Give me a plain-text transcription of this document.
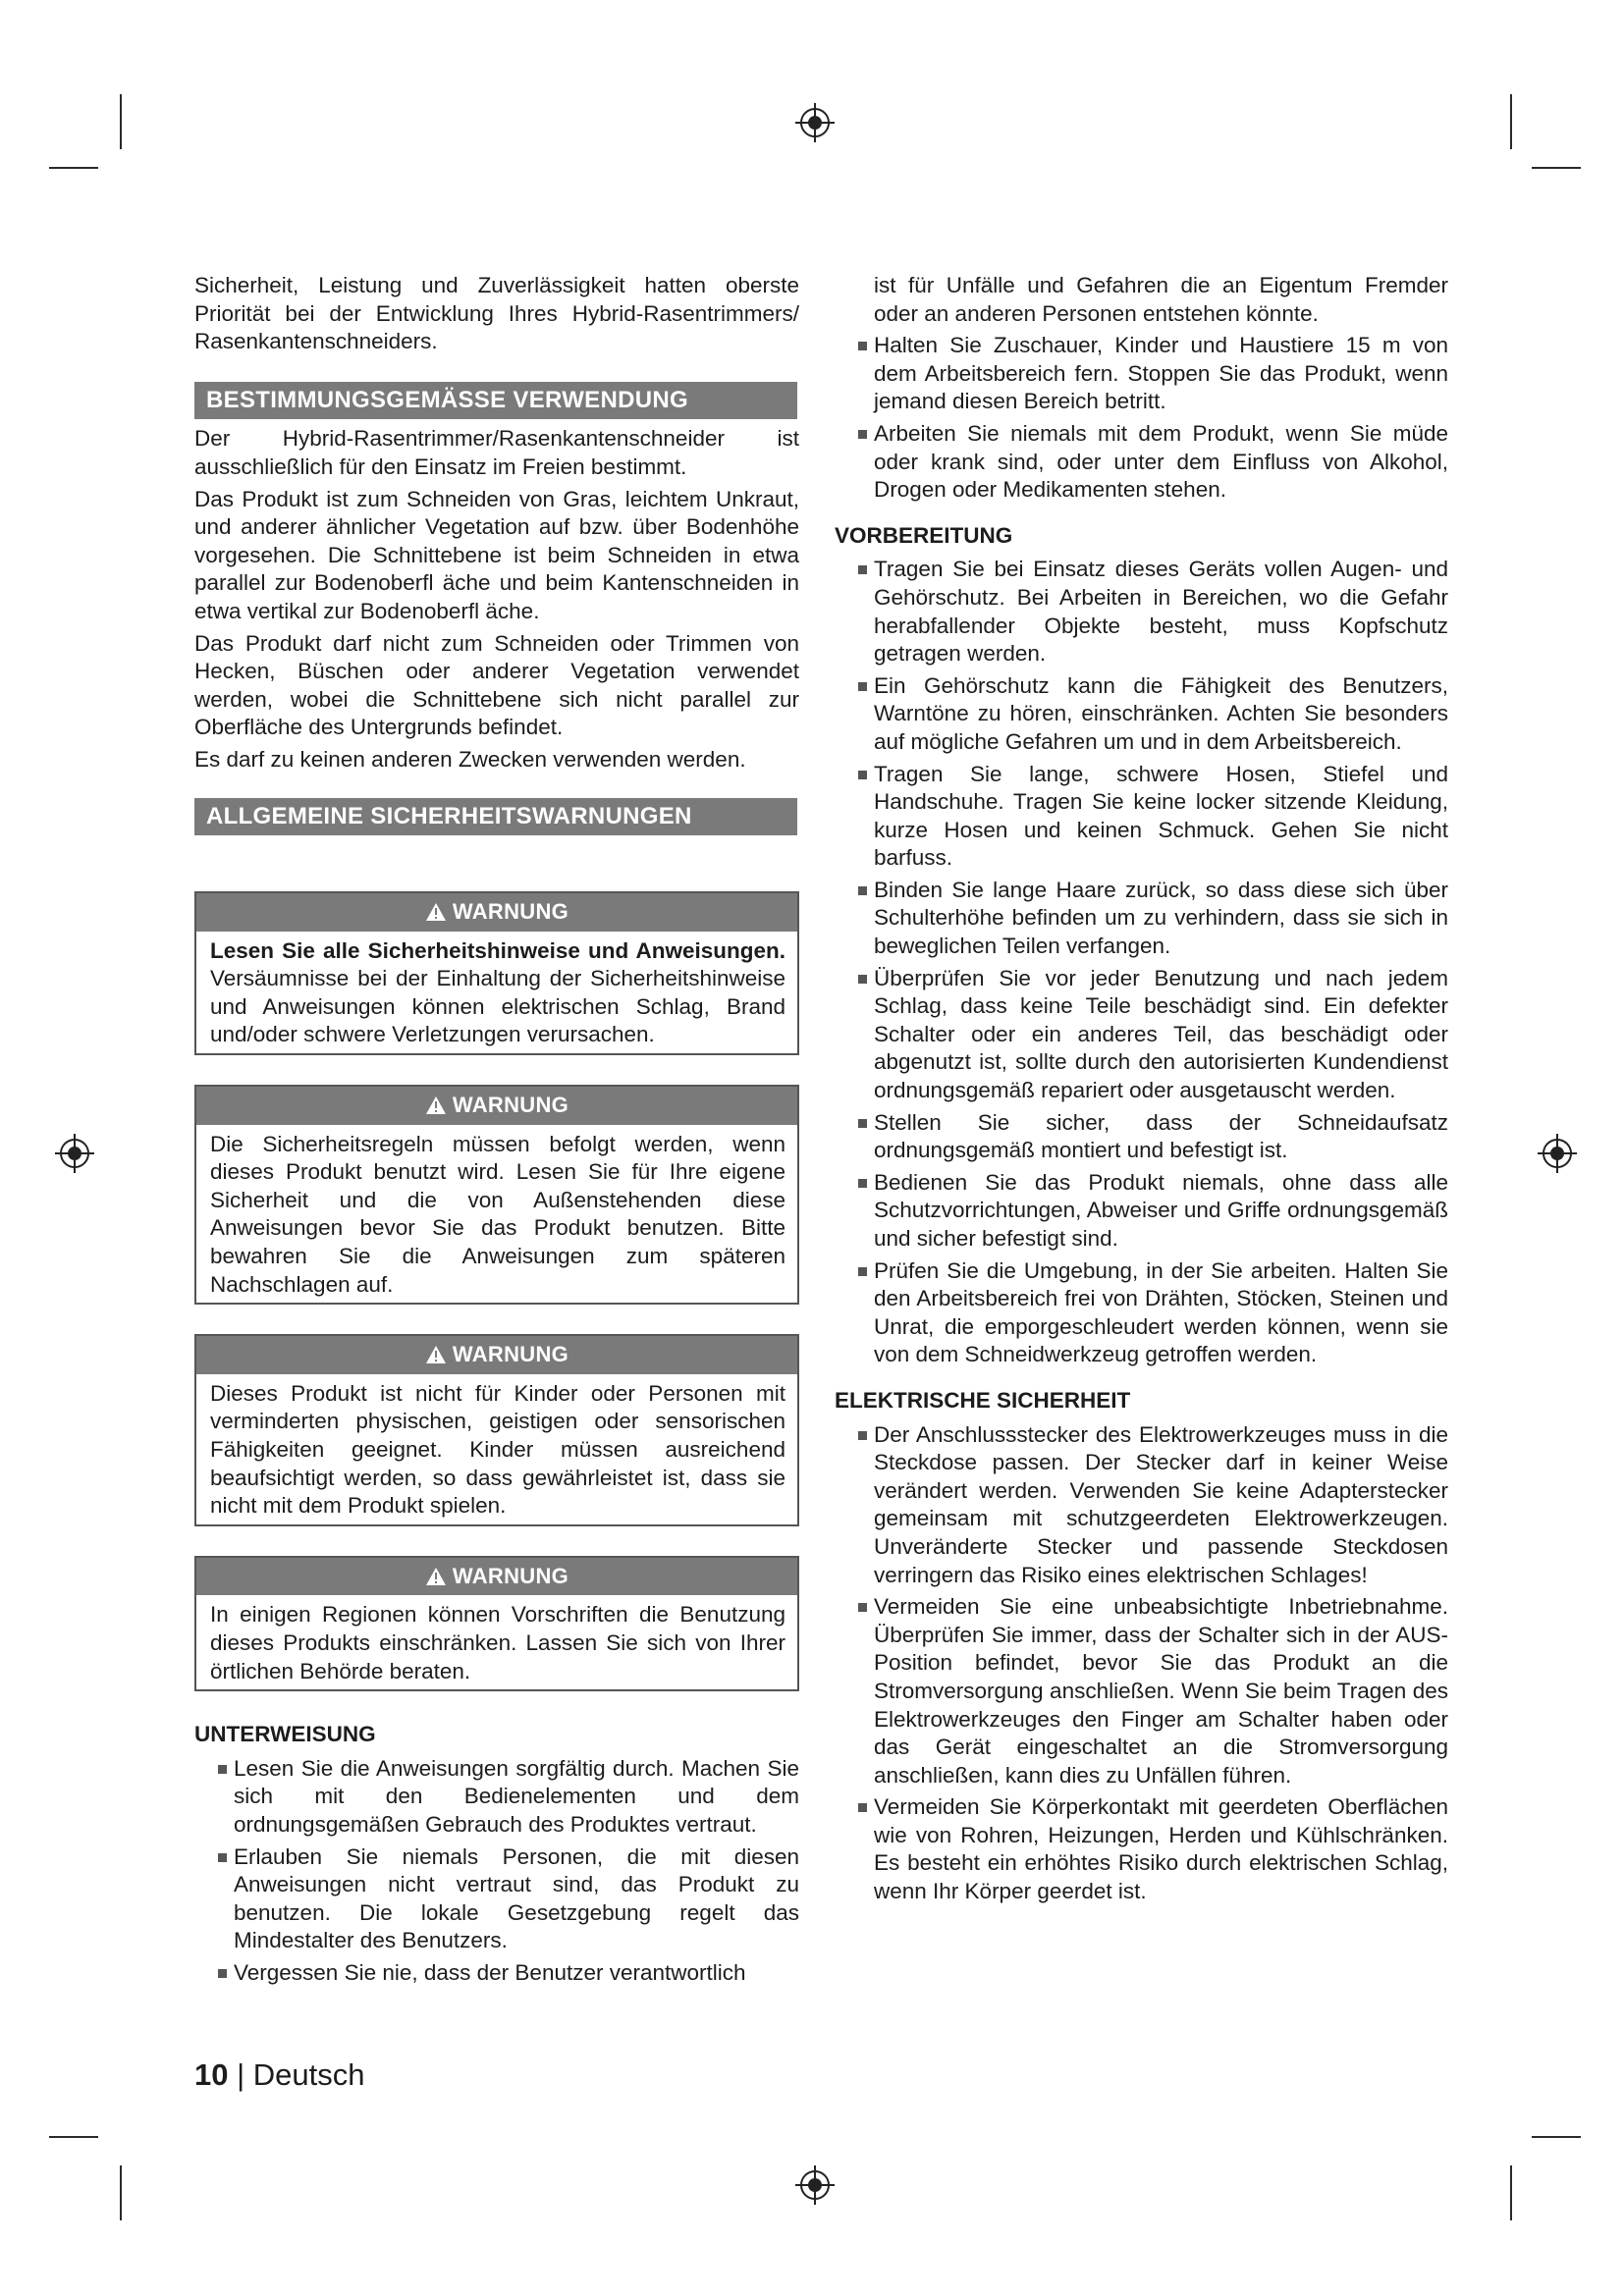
Sicherheit, Leistung und Zuverlässigkeit hatten oberste Priorität bei der Entwicklung Ihres Hybrid-Rasentrimmers/ Rasenkantenschneiders.

BESTIMMUNGSGEMÄSSE VERWENDUNG

Der Hybrid-Rasentrimmer/Rasenkantenschneider ist ausschließlich für den Einsatz im Freien bestimmt.

Das Produkt ist zum Schneiden von Gras, leichtem Unkraut, und anderer ähnlicher Vegetation auf bzw. über Bodenhöhe vorgesehen. Die Schnittebene ist beim Schneiden in etwa parallel zur Bodenoberfl äche und beim Kantenschneiden in etwa vertikal zur Bodenoberfl äche.

Das Produkt darf nicht zum Schneiden oder Trimmen von Hecken, Büschen oder anderer Vegetation verwendet werden, wobei die Schnittebene sich nicht parallel zur Oberfläche des Untergrunds befindet.

Es darf zu keinen anderen Zwecken verwenden werden.

ALLGEMEINE SICHERHEITSWARNUNGEN
WARNUNG
Lesen Sie alle Sicherheitshinweise und Anweisungen. Versäumnisse bei der Einhaltung der Sicherheitshinweise und Anweisungen können elektrischen Schlag, Brand und/oder schwere Verletzungen verursachen.
WARNUNG
Die Sicherheitsregeln müssen befolgt werden, wenn dieses Produkt benutzt wird. Lesen Sie für Ihre eigene Sicherheit und die von Außenstehenden diese Anweisungen bevor Sie das Produkt benutzen. Bitte bewahren Sie die Anweisungen zum späteren Nachschlagen auf.
WARNUNG
Dieses Produkt ist nicht für Kinder oder Personen mit verminderten physischen, geistigen oder sensorischen Fähigkeiten geeignet. Kinder müssen ausreichend beaufsichtigt werden, so dass gewährleistet ist, dass sie nicht mit dem Produkt spielen.
WARNUNG
In einigen Regionen können Vorschriften die Benutzung dieses Produkts einschränken. Lassen Sie sich von Ihrer örtlichen Behörde beraten.
UNTERWEISUNG
Lesen Sie die Anweisungen sorgfältig durch. Machen Sie sich mit den Bedienelementen und dem ordnungsgemäßen Gebrauch des Produktes vertraut.
Erlauben Sie niemals Personen, die mit diesen Anweisungen nicht vertraut sind, das Produkt zu benutzen. Die lokale Gesetzgebung regelt das Mindestalter des Benutzers.
Vergessen Sie nie, dass der Benutzer verantwortlich

ist für Unfälle und Gefahren die an Eigentum Fremder oder an anderen Personen entstehen könnte.

Halten Sie Zuschauer, Kinder und Haustiere 15 m von dem Arbeitsbereich fern. Stoppen Sie das Produkt, wenn jemand diesen Bereich betritt.
Arbeiten Sie niemals mit dem Produkt, wenn Sie müde oder krank sind, oder unter dem Einfluss von Alkohol, Drogen oder Medikamenten stehen.
VORBEREITUNG
Tragen Sie bei Einsatz dieses Geräts vollen Augen- und Gehörschutz. Bei Arbeiten in Bereichen, wo die Gefahr herabfallender Objekte besteht, muss Kopfschutz getragen werden.
Ein Gehörschutz kann die Fähigkeit des Benutzers, Warntöne zu hören, einschränken. Achten Sie besonders auf mögliche Gefahren um und in dem Arbeitsbereich.
Tragen Sie lange, schwere Hosen, Stiefel und Handschuhe. Tragen Sie keine locker sitzende Kleidung, kurze Hosen und keinen Schmuck. Gehen Sie nicht barfuss.
Binden Sie lange Haare zurück, so dass diese sich über Schulterhöhe befinden um zu verhindern, dass sie sich in beweglichen Teilen verfangen.
Überprüfen Sie vor jeder Benutzung und nach jedem Schlag, dass keine Teile beschädigt sind. Ein defekter Schalter oder ein anderes Teil, das beschädigt oder abgenutzt ist, sollte durch den autorisierten Kundendienst ordnungsgemäß repariert oder ausgetauscht werden.
Stellen Sie sicher, dass der Schneidaufsatz ordnungsgemäß montiert und befestigt ist.
Bedienen Sie das Produkt niemals, ohne dass alle Schutzvorrichtungen, Abweiser und Griffe ordnungsgemäß und sicher befestigt sind.
Prüfen Sie die Umgebung, in der Sie arbeiten. Halten Sie den Arbeitsbereich frei von Drähten, Stöcken, Steinen und Unrat, die emporgeschleudert werden können, wenn sie von dem Schneidwerkzeug getroffen werden.
ELEKTRISCHE SICHERHEIT
Der Anschlussstecker des Elektrowerkzeuges muss in die Steckdose passen. Der Stecker darf in keiner Weise verändert werden. Verwenden Sie keine Adapterstecker gemeinsam mit schutzgeerdeten Elektrowerkzeugen. Unveränderte Stecker und passende Steckdosen verringern das Risiko eines elektrischen Schlages!
Vermeiden Sie eine unbeabsichtigte Inbetriebnahme. Überprüfen Sie immer, dass der Schalter sich in der AUS-Position befindet, bevor Sie das Produkt an die Stromversorgung anschließen. Wenn Sie beim Tragen des Elektrowerkzeuges den Finger am Schalter haben oder das Gerät eingeschaltet an die Stromversorgung anschließen, kann dies zu Unfällen führen.
Vermeiden Sie Körperkontakt mit geerdeten Oberflächen wie von Rohren, Heizungen, Herden und Kühlschränken. Es besteht ein erhöhtes Risiko durch elektrischen Schlag, wenn Ihr Körper geerdet ist.
10 | Deutsch
